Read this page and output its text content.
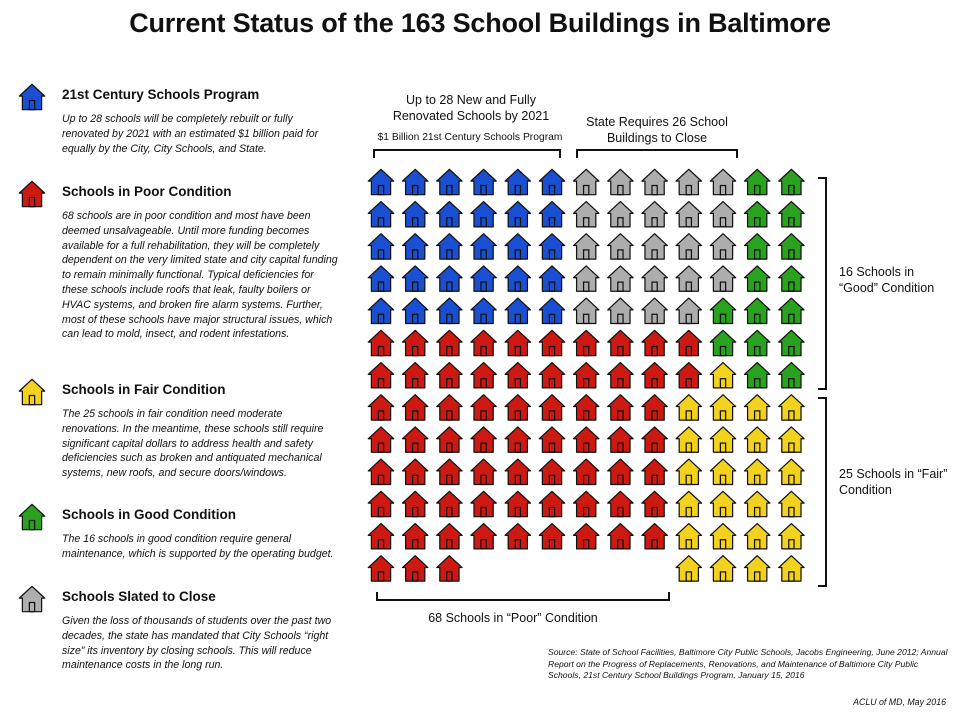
Current Status of the 163 School Buildings in Baltimore
21st Century Schools Program
Up to 28 schools will be completely rebuilt or fully renovated by 2021 with an estimated $1 billion paid for equally by the City, City Schools, and State.
Schools in Poor Condition
68 schools are in poor condition and most have been deemed unsalvageable. Until more funding becomes available for a full rehabilitation, they will be completely dependent on the very limited state and city capital funding to remain minimally functional. Typical deficiencies for these schools include roofs that leak, faulty boilers or HVAC systems, and broken fire alarm systems. Further, most of these schools have major structural issues, which can lead to mold, insect, and rodent infestations.
Schools in Fair Condition
The 25 schools in fair condition need moderate renovations. In the meantime, these schools still require significant capital dollars to address health and safety deficiencies such as broken and antiquated mechanical systems, new roofs, and secure doors/windows.
Schools in Good Condition
The 16 schools in good condition require general maintenance, which is supported by the operating budget.
Schools Slated to Close
Given the loss of thousands of students over the past two decades, the state has mandated that City Schools “right size” its inventory by closing schools. This will reduce maintenance costs in the long run.
Up to 28 New and Fully Renovated Schools by 2021
$1 Billion 21st Century Schools Program
State Requires 26 School Buildings to Close
16 Schools in “Good” Condition
25 Schools in “Fair” Condition
68 Schools in “Poor” Condition
Source: State of School Facilities, Baltimore City Public Schools, Jacobs Engineering, June 2012; Annual Report on the Progress of Replacements, Renovations, and Maintenance of Baltimore City Public Schools, 21st Century School Buildings Program, January 15, 2016
ACLU of MD, May 2016
